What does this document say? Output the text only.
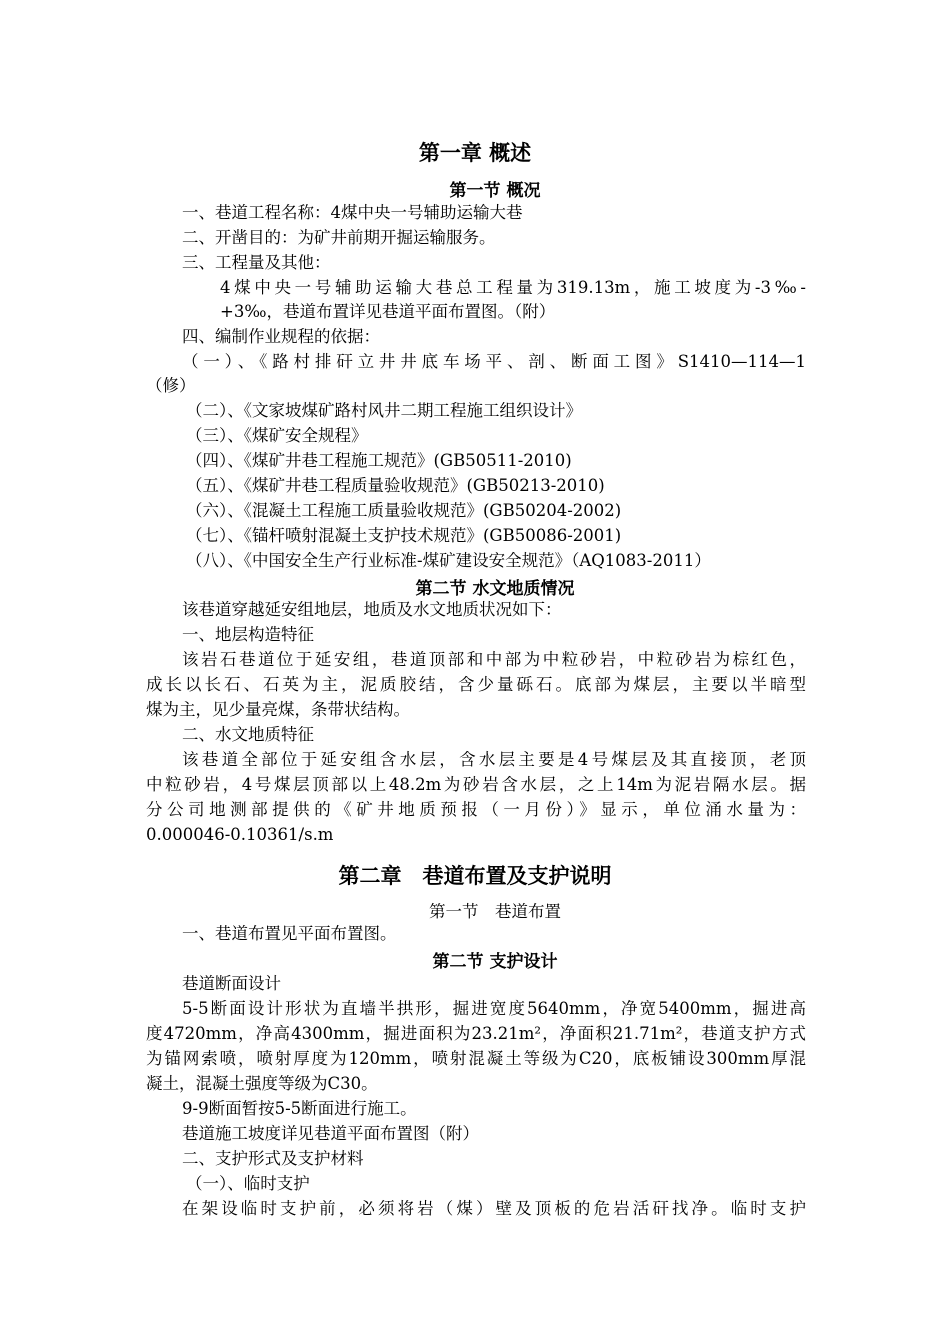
第一章 概述
第一节 概况
一、巷道工程名称：4煤中央一号辅助运输大巷
二、开凿目的：为矿井前期开掘运输服务。
三、工程量及其他：
4煤中央一号辅助运输大巷总工程量为319.13m，施工坡度为-3‰-
+3‰，巷道布置详见巷道平面布置图。（附）
四、编制作业规程的依据：
（一）、《路村排矸立井井底车场平、剖、断面工图》S1410—114—1
（修）
（二）、《文家坡煤矿路村风井二期工程施工组织设计》
（三）、《煤矿安全规程》
（四）、《煤矿井巷工程施工规范》(GB50511-2010)
（五）、《煤矿井巷工程质量验收规范》(GB50213-2010)
（六）、《混凝土工程施工质量验收规范》(GB50204-2002)
（七）、《锚杆喷射混凝土支护技术规范》(GB50086-2001)
（八）、《中国安全生产行业标准-煤矿建设安全规范》（AQ1083-2011）
第二节 水文地质情况
该巷道穿越延安组地层，地质及水文地质状况如下：
一、地层构造特征
该岩石巷道位于延安组，巷道顶部和中部为中粒砂岩，中粒砂岩为棕红色，
成长以长石、石英为主，泥质胶结，含少量砾石。底部为煤层，主要以半暗型
煤为主，见少量亮煤，条带状结构。
二、水文地质特征
该巷道全部位于延安组含水层，含水层主要是4号煤层及其直接顶，老顶
中粒砂岩，4号煤层顶部以上48.2m为砂岩含水层，之上14m为泥岩隔水层。据
分公司地测部提供的《矿井地质预报（一月份）》显示，单位涌水量为：
0.000046-0.10361/s.m
第二章　巷道布置及支护说明
第一节　巷道布置
一、巷道布置见平面布置图。
第二节 支护设计
巷道断面设计
5-5断面设计形状为直墙半拱形，掘进宽度5640mm，净宽5400mm，掘进高
度4720mm，净高4300mm，掘进面积为23.21m²，净面积21.71m²，巷道支护方式
为锚网索喷，喷射厚度为120mm，喷射混凝土等级为C20，底板铺设300mm厚混
凝土，混凝土强度等级为C30。
9-9断面暂按5-5断面进行施工。
巷道施工坡度详见巷道平面布置图（附）
二、支护形式及支护材料
（一）、临时支护
在架设临时支护前，必须将岩（煤）壁及顶板的危岩活矸找净。临时支护
